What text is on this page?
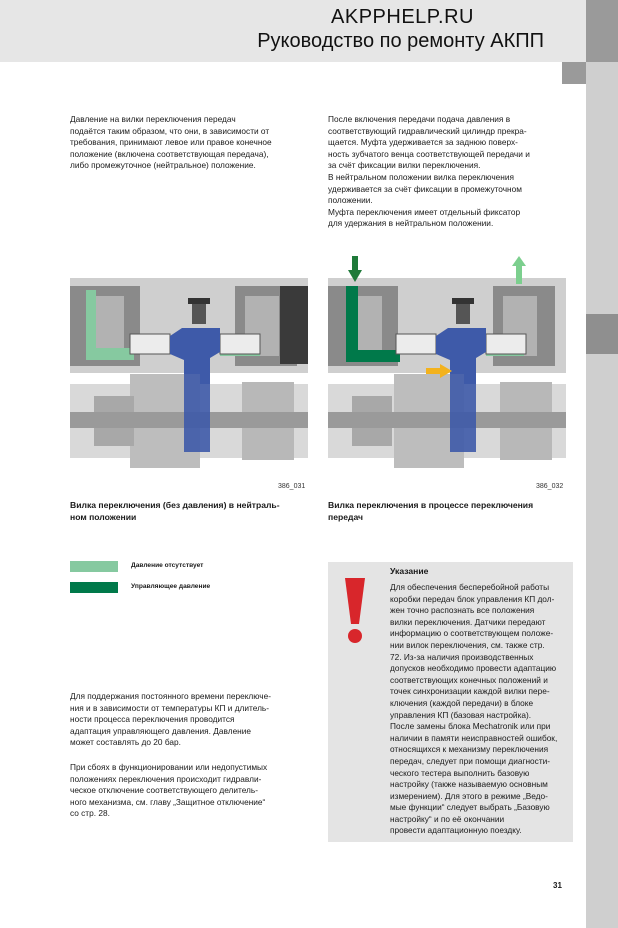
AKPPHELP.RU
Руководство по ремонту АКПП
Давление на вилки переключения передач
подаётся таким образом, что они, в зависимости от
требования, принимают левое или правое конечное
положение (включена соответствующая передача),
либо промежуточное (нейтральное) положение.
После включения передачи подача давления в
соответствующий гидравлический цилиндр прекра-
щается. Муфта удерживается за заднюю поверх-
ность зубчатого венца соответствующей передачи и
за счёт фиксации вилки переключения.
В нейтральном положении вилка переключения
удерживается за счёт фиксации в промежуточном
положении.
Муфта переключения имеет отдельный фиксатор
для удержания в нейтральном положении.
386_031
Вилка переключения (без давления) в нейтраль-
ном положении
386_032
Вилка переключения в процессе переключения
передач
Давление отсутствует
Управляющее давление
Указание
Для обеспечения бесперебойной работы
коробки передач блок управления КП дол-
жен точно распознать все положения
вилки переключения. Датчики передают
информацию о соответствующем положе-
нии вилок переключения, см. также стр.
72. Из-за наличия производственных
допусков необходимо провести адаптацию
соответствующих конечных положений и
точек синхронизации каждой вилки пере-
ключения (каждой передачи) в блоке
управления КП (базовая настройка).
После замены блока Mechatronik или при
наличии в памяти неисправностей ошибок,
относящихся к механизму переключения
передач, следует при помощи диагности-
ческого тестера выполнить базовую
настройку (также называемую основным
измерением). Для этого в режиме „Ведо-
мые функции“ следует выбрать „Базовую
настройку“ и по её окончании
провести адаптационную поездку.
Для поддержания постоянного времени переключе-
ния и в зависимости от температуры КП и длитель-
ности процесса переключения проводится
адаптация управляющего давления. Давление
может составлять до 20 бар.
При сбоях в функционировании или недопустимых
положениях переключения происходит гидравли-
ческое отключение соответствующего делитель-
ного механизма, см. главу „Защитное отключение“
со стр. 28.
31
